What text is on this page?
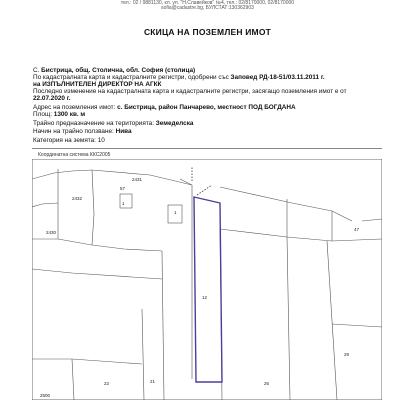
тел.: 02 / 9881130, кл. ул. "Н.Славейков" №4, тел.: 02/8170000, 02/8170000
sofia@cadastre.bg, БУЛСТАТ:130362903
СКИЦА НА ПОЗЕМЛЕН ИМОТ
С. Бистрица, общ. Столична, обл. София (столица)
По кадастралната карта и кадастралните регистри, одобрени със Заповед РД-18-51/03.11.2011 г.
на ИЗПЪЛНИТЕЛЕН ДИРЕКТОР НА АГКК
Последно изменение на кадастралната карта и кадастралните регистри, засягащо поземления имот е от
22.07.2020 г.
Адрес на поземления имот: с. Бистрица, район Панчарево, местност ПОД БОГДАНА
Площ: 1300 кв. м
Трайно предназначение на територията: Земеделска
Начин на трайно ползване: Нива
Категория на земята: 10
Координатна система ККС2005
1
1
57
12
47
29
22	21	26
2430
2432
2431
2500
